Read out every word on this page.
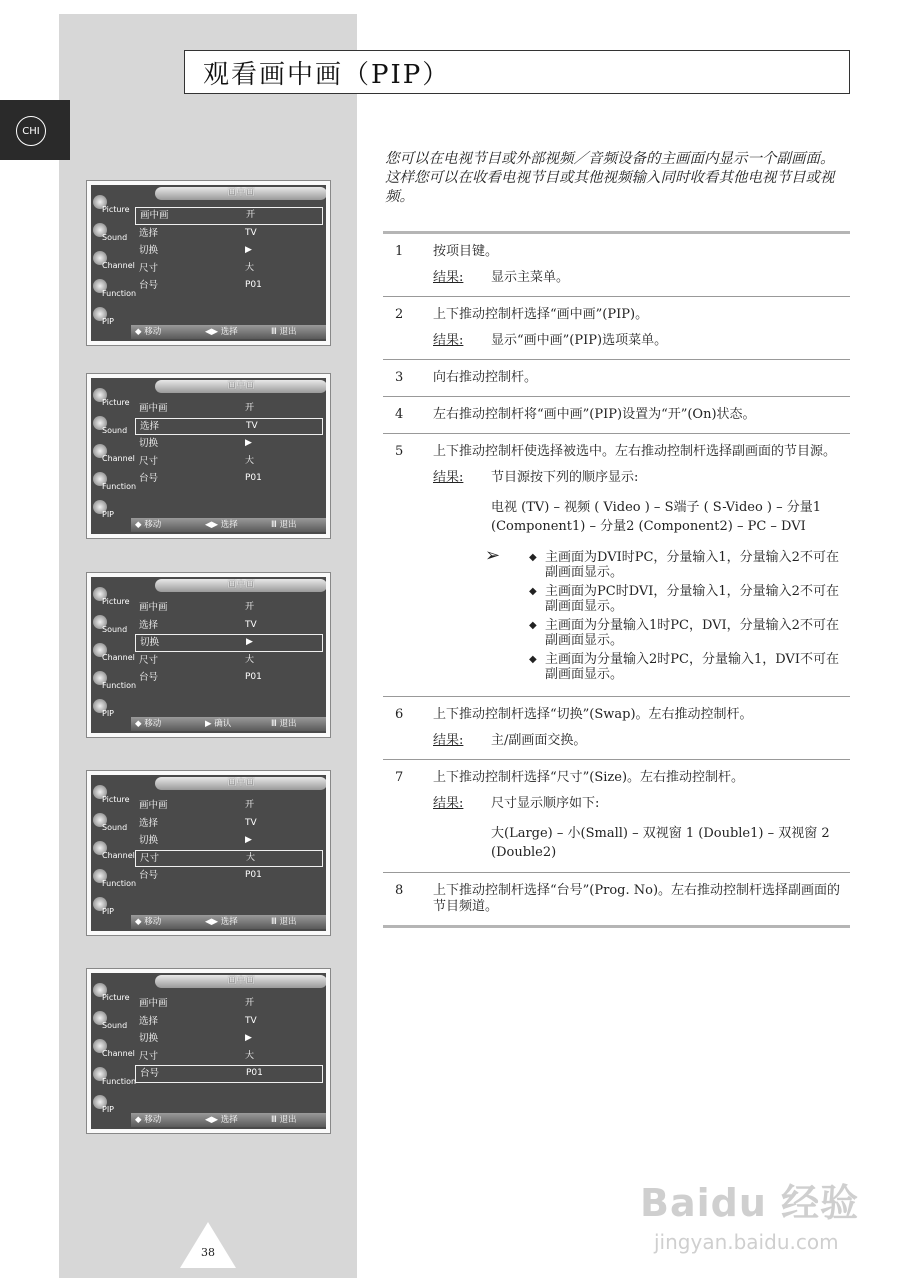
CHI
观看画中画（PIP）
您可以在电视节目或外部视频／音频设备的主画面内显示一个副画面。这样您可以在收看电视节目或其他视频输入同时收看其他电视节目或视频。
画中画
Picture
Sound
Channel
Function
PIP
画中画	开
选择	TV
切换	▶
尺寸	大
台号	P01
◆ 移动	◀▶ 选择	Ⅲ 退出
画中画
Picture
Sound
Channel
Function
PIP
画中画	开
选择	TV
切换	▶
尺寸	大
台号	P01
◆ 移动	◀▶ 选择	Ⅲ 退出
画中画
Picture
Sound
Channel
Function
PIP
画中画	开
选择	TV
切换	▶
尺寸	大
台号	P01
◆ 移动	▶ 确认	Ⅲ 退出
画中画
Picture
Sound
Channel
Function
PIP
画中画	开
选择	TV
切换	▶
尺寸	大
台号	P01
◆ 移动	◀▶ 选择	Ⅲ 退出
画中画
Picture
Sound
Channel
Function
PIP
画中画	开
选择	TV
切换	▶
尺寸	大
台号	P01
◆ 移动	◀▶ 选择	Ⅲ 退出
1 按项目键。
结果:	显示主菜单。
2 上下推动控制杆选择“画中画”(PIP)。
结果:	显示“画中画”(PIP)选项菜单。
3 向右推动控制杆。
4 左右推动控制杆将“画中画”(PIP)设置为“开”(On)状态。
5 上下推动控制杆使选择被选中。左右推动控制杆选择副画面的节目源。
结果:	节目源按下列的顺序显示:
电视 (TV) – 视频 ( Video ) – S端子 ( S-Video ) – 分量1 (Component1) – 分量2 (Component2) – PC – DVI
➢
◆	主画面为DVI时PC，分量输入1，分量输入2不可在副画面显示。
◆ 主画面为PC时DVI，分量输入1，分量输入2不可在副画面显示。
◆ 主画面为分量输入1时PC，DVI，分量输入2不可在副画面显示。
◆ 主画面为分量输入2时PC，分量输入1，DVI不可在副画面显示。
6 上下推动控制杆选择“切换”(Swap)。左右推动控制杆。
结果:	主/副画面交换。
7 上下推动控制杆选择“尺寸”(Size)。左右推动控制杆。
结果:	尺寸显示顺序如下:
大(Large) – 小(Small) – 双视窗 1 (Double1) – 双视窗 2 (Double2)
8 上下推动控制杆选择“台号”(Prog. No)。左右推动控制杆选择副画面的节目频道。
38
Baidu 经验
jingyan.baidu.com
